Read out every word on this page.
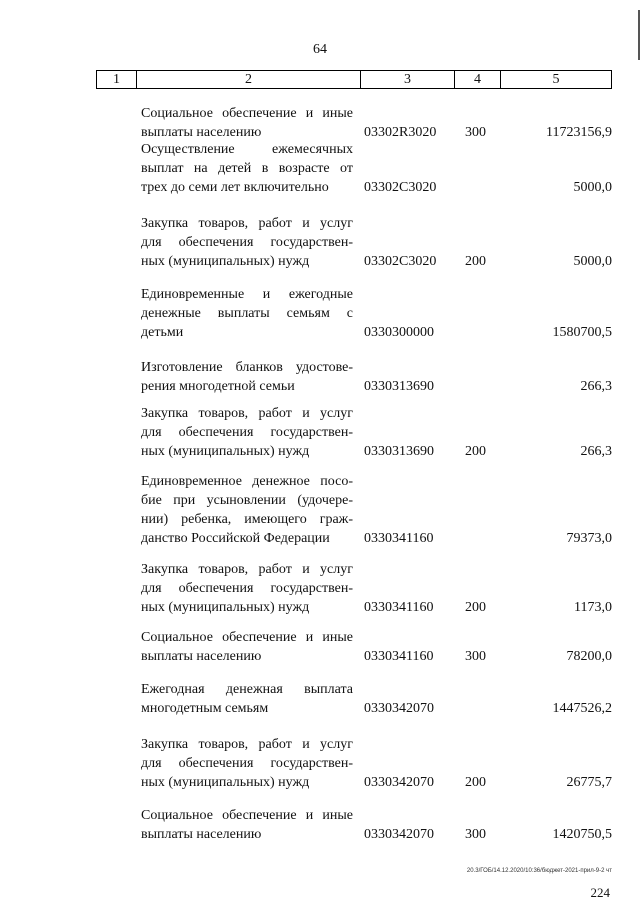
64
1	2	3	4	5
Социальное обеспечение и иные
выплаты населению	03302R3020 300	11723156,9
Осуществление ежемесячных
выплат на детей в возрасте от
трех до семи лет включительно	03302С3020	5000,0
Закупка товаров, работ и услуг
для обеспечения государствен-
ных (муниципальных) нужд	03302С3020 200	5000,0
Единовременные и ежегодные
денежные выплаты семьям с
детьми	0330300000	1580700,5
Изготовление бланков удостове-
рения многодетной семьи	0330313690	266,3
Закупка товаров, работ и услуг
для обеспечения государствен-
ных (муниципальных) нужд	0330313690 200	266,3
Единовременное денежное посо-
бие при усыновлении (удочере-
нии) ребенка, имеющего граж-
данство Российской Федерации	0330341160	79373,0
Закупка товаров, работ и услуг
для обеспечения государствен-
ных (муниципальных) нужд	0330341160 200	1173,0
Социальное обеспечение и иные
выплаты населению	0330341160 300	78200,0
Ежегодная денежная выплата
многодетным семьям	0330342070	1447526,2
Закупка товаров, работ и услуг
для обеспечения государствен-
ных (муниципальных) нужд	0330342070 200	26775,7
Социальное обеспечение и иные
выплаты населению	0330342070 300	1420750,5
20.3/ГОБ/14.12.2020/10:36/бюджет-2021-прил-9-2 чт
224
